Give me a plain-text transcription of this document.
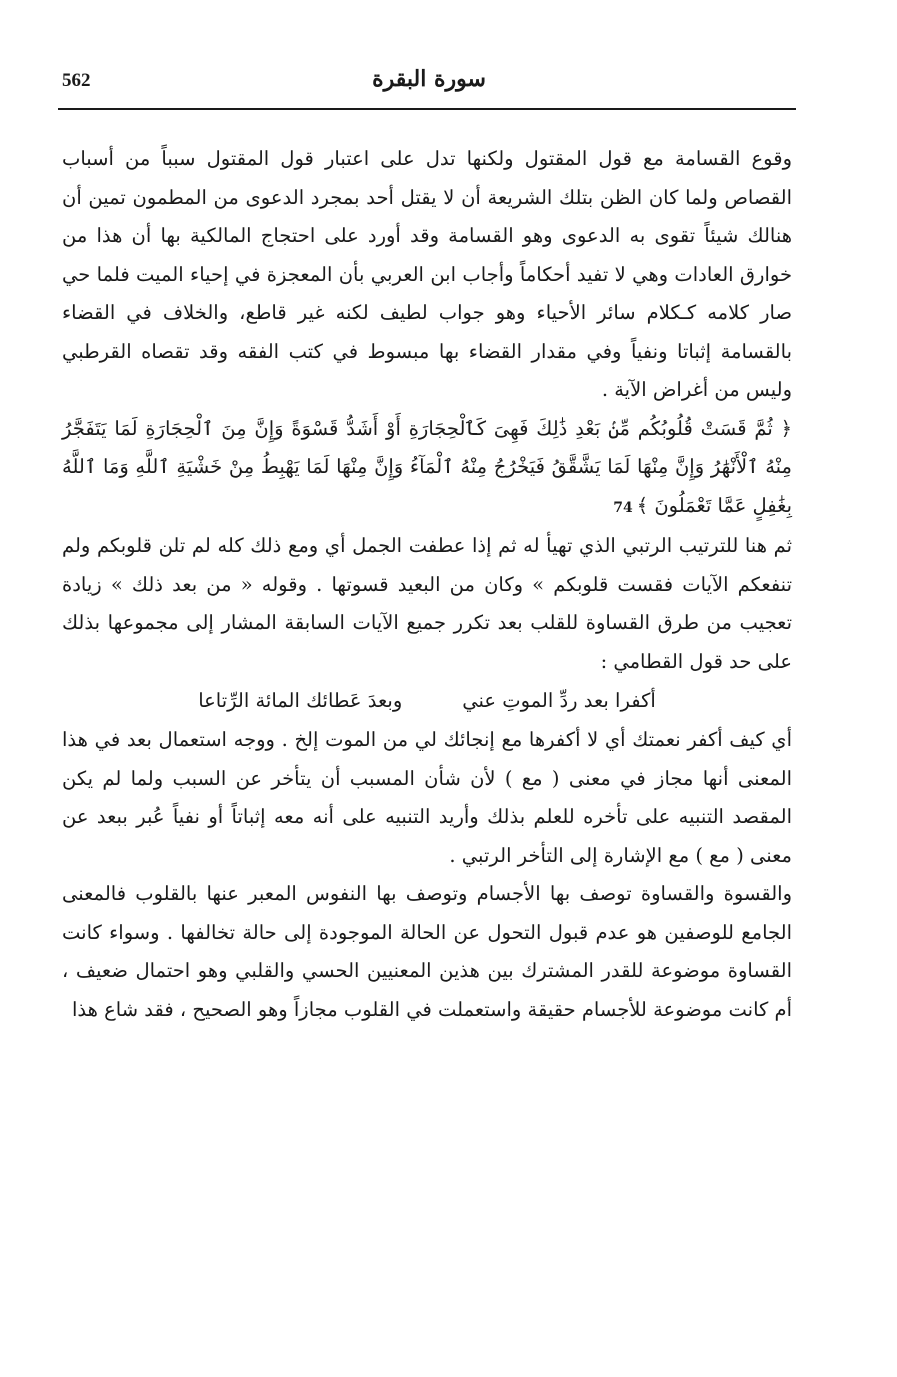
562	سورة البقرة

وقوع القسامة مع قول المقتول ولكنها تدل على اعتبار قول المقتول سبباً من أسباب القصاص ولما كان الظن بتلك الشريعة أن لا يقتل أحد بمجرد الدعوى من المطمون تمين أن هنالك شيئاً تقوى به الدعوى وهو القسامة وقد أورد على احتجاج المالكية بها أن هذا من خوارق العادات وهي لا تفيد أحكاماً وأجاب ابن العربي بأن المعجزة في إحياء الميت فلما حي صار كلامه كـكلام سائر الأحياء وهو جواب لطيف لكنه غير قاطع، والخلاف في القضاء بالقسامة إثباتا ونفياً وفي مقدار القضاء بها مبسوط في كتب الفقه وقد تقصاه القرطبي وليس من أغراض الآية .

﴿ ثُمَّ قَسَتْ قُلُوبُكُم مِّنۢ بَعْدِ ذَٰلِكَ فَهِىَ كَٱلْحِجَارَةِ أَوْ أَشَدُّ قَسْوَةً وَإِنَّ مِنَ ٱلْحِجَارَةِ لَمَا يَتَفَجَّرُ مِنْهُ ٱلْأَنْهَٰرُ وَإِنَّ مِنْهَا لَمَا يَشَّقَّقُ فَيَخْرُجُ مِنْهُ ٱلْمَآءُ وَإِنَّ مِنْهَا لَمَا يَهْبِطُ مِنْ خَشْيَةِ ٱللَّهِ وَمَا ٱللَّهُ بِغَٰفِلٍ عَمَّا تَعْمَلُونَ ﴾74

ثم هنا للترتيب الرتبي الذي تهيأ له ثم إذا عطفت الجمل أي ومع ذلك كله لم تلن قلوبكم ولم تنفعكم الآيات فقست قلوبكم » وكان من البعيد قسوتها . وقوله « من بعد ذلك » زيادة تعجيب من طرق القساوة للقلب بعد تكرر جميع الآيات السابقة المشار إلى مجموعها بذلك على حد قول القطامي :

أكفرا بعد ردِّ الموتِ عني
وبعدَ عَطائك المائة الرِّتاعا

أي كيف أكفر نعمتك أي لا أكفرها مع إنجائك لي من الموت إلخ . ووجه استعمال بعد في هذا المعنى أنها مجاز في معنى ( مع ) لأن شأن المسبب أن يتأخر عن السبب ولما لم يكن المقصد التنبيه على تأخره للعلم بذلك وأريد التنبيه على أنه معه إثباتاً أو نفياً عُبر ببعد عن معنى ( مع ) مع الإشارة إلى التأخر الرتبي .

والقسوة والقساوة توصف بها الأجسام وتوصف بها النفوس المعبر عنها بالقلوب فالمعنى الجامع للوصفين هو عدم قبول التحول عن الحالة الموجودة إلى حالة تخالفها . وسواء كانت القساوة موضوعة للقدر المشترك بين هذين المعنيين الحسي والقلبي وهو احتمال ضعيف ، أم كانت موضوعة للأجسام حقيقة واستعملت في القلوب مجازاً وهو الصحيح ، فقد شاع هذا
